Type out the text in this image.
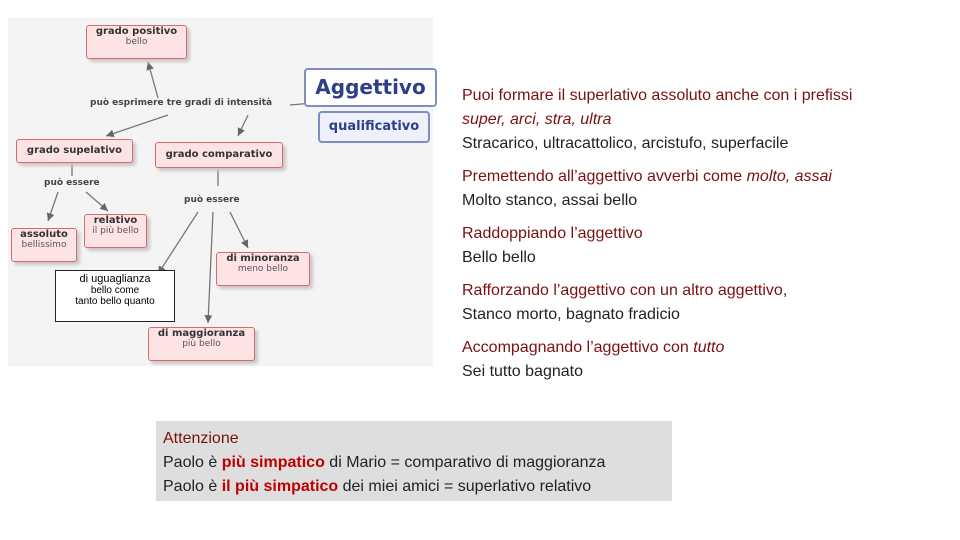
grado positivo
bello
Aggettivo
qualificativo
può esprimere tre gradi di intensità
grado supelativo	grado comparativo
può essere
può essere
relativo
il più bello
assoluto
bellissimo
di minoranza
meno bello
di maggioranza
più bello
di uguaglianza
bello come
tanto bello quanto
Puoi formare il superlativo assoluto anche con i prefissi
super, arci, stra, ultra
Stracarico, ultracattolico, arcistufo, superfacile
Premettendo all’aggettivo avverbi come molto, assai
Molto stanco, assai bello
Raddoppiando l’aggettivo
Bello bello
Rafforzando l’aggettivo con un altro aggettivo,
Stanco morto, bagnato fradicio
Accompagnando l’aggettivo con tutto
Sei tutto bagnato
Attenzione
Paolo è più simpatico di Mario = comparativo di maggioranza
Paolo è il più simpatico dei miei amici = superlativo relativo
